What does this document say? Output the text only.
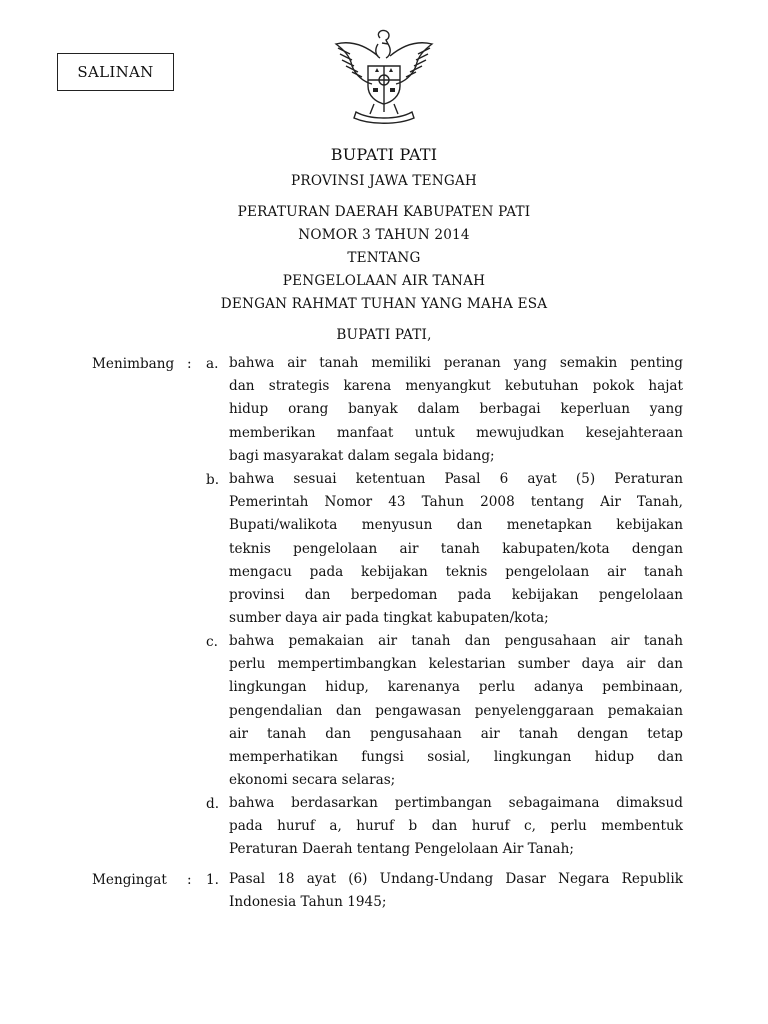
SALINAN
BUPATI PATI
PROVINSI JAWA TENGAH
PERATURAN DAERAH KABUPATEN PATI
NOMOR 3 TAHUN 2014
TENTANG
PENGELOLAAN AIR TANAH
DENGAN RAHMAT TUHAN YANG MAHA ESA
BUPATI PATI,
Menimbang : a. bahwa air tanah memiliki peranan yang semakin penting
dan strategis karena menyangkut kebutuhan pokok hajat
hidup orang banyak dalam berbagai keperluan yang
memberikan manfaat untuk mewujudkan kesejahteraan
bagi masyarakat dalam segala bidang;
b. bahwa sesuai ketentuan Pasal 6 ayat (5) Peraturan
Pemerintah Nomor 43 Tahun 2008 tentang Air Tanah,
Bupati/walikota menyusun dan menetapkan kebijakan
teknis pengelolaan air tanah kabupaten/kota dengan
mengacu pada kebijakan teknis pengelolaan air tanah
provinsi dan berpedoman pada kebijakan pengelolaan
sumber daya air pada tingkat kabupaten/kota;
c. bahwa pemakaian air tanah dan pengusahaan air tanah
perlu mempertimbangkan kelestarian sumber daya air dan
lingkungan hidup, karenanya perlu adanya pembinaan,
pengendalian dan pengawasan penyelenggaraan pemakaian
air tanah dan pengusahaan air tanah dengan tetap
memperhatikan fungsi sosial, lingkungan hidup dan
ekonomi secara selaras;
d. bahwa berdasarkan pertimbangan sebagaimana dimaksud
pada huruf a, huruf b dan huruf c, perlu membentuk
Peraturan Daerah tentang Pengelolaan Air Tanah;
Mengingat : 1. Pasal 18 ayat (6) Undang-Undang Dasar Negara Republik
Indonesia Tahun 1945;
